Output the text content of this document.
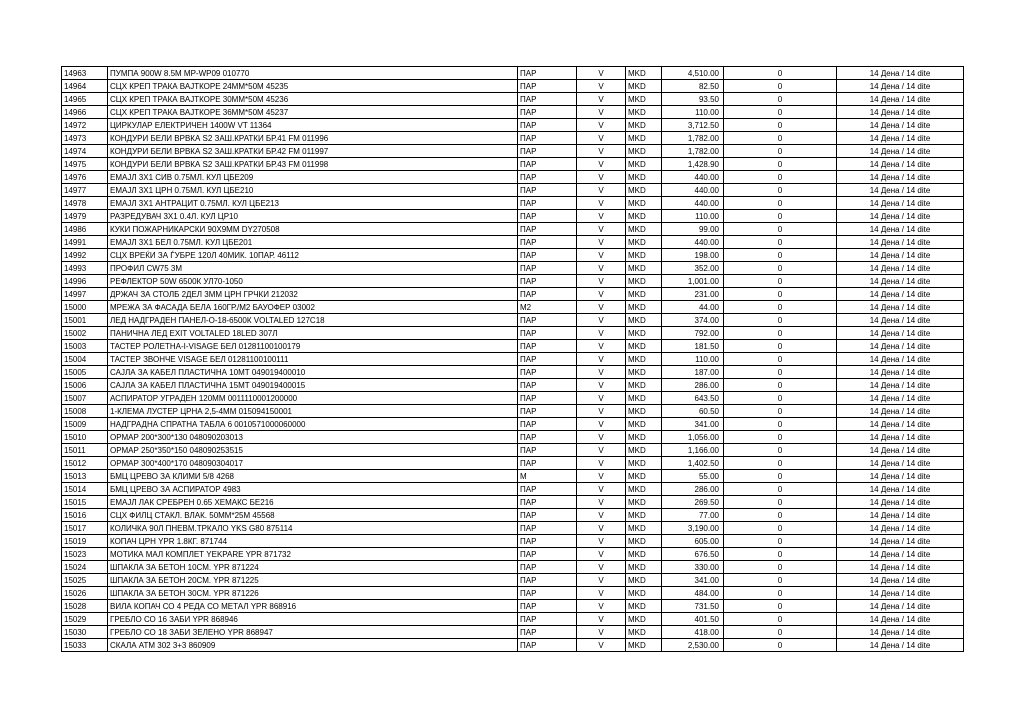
14963	ПУМПА 900W 8.5M MP-WP09 010770	ПАР	V	MKD	4,510.00	0	14 Дена / 14 dite
14964	СЦХ КРЕП ТРАКА ВАЈТКОРЕ 24ММ*50М 45235	ПАР	V	MKD	82.50	0	14 Дена / 14 dite
14965	СЦХ КРЕП ТРАКА ВАЈТКОРЕ 30ММ*50М 45236	ПАР	V	MKD	93.50	0	14 Дена / 14 dite
14966	СЦХ КРЕП ТРАКА ВАЈТКОРЕ 36ММ*50М 45237	ПАР	V	MKD	110.00	0	14 Дена / 14 dite
14972	ЦИРКУЛАР ЕЛЕКТРИЧЕН 1400W VT 11364	ПАР	V	MKD	3,712.50	0	14 Дена / 14 dite
14973	КОНДУРИ БЕЛИ ВРВКА S2 ЗАШ.КРАТКИ БР.41 FM 011996	ПАР	V	MKD	1,782.00	0	14 Дена / 14 dite
14974	КОНДУРИ БЕЛИ ВРВКА S2 ЗАШ.КРАТКИ БР.42 FM 011997	ПАР	V	MKD	1,782.00	0	14 Дена / 14 dite
14975	КОНДУРИ БЕЛИ ВРВКА S2 ЗАШ.КРАТКИ БР.43 FM 011998	ПАР	V	MKD	1,428.90	0	14 Дена / 14 dite
14976	ЕМАЈЛ 3Х1 СИВ 0.75МЛ. КУЛ ЦБЕ209	ПАР	V	MKD	440.00	0	14 Дена / 14 dite
14977	ЕМАЈЛ 3Х1 ЦРН 0.75МЛ. КУЛ ЦБЕ210	ПАР	V	MKD	440.00	0	14 Дена / 14 dite
14978	ЕМАЈЛ 3Х1 АНТРАЦИТ 0.75МЛ. КУЛ ЦБЕ213	ПАР	V	MKD	440.00	0	14 Дена / 14 dite
14979	РАЗРЕДУВАЧ 3Х1 0.4Л. КУЛ ЦР10	ПАР	V	MKD	110.00	0	14 Дена / 14 dite
14986	КУКИ ПОЖАРНИКАРСКИ 90Х9ММ DY270508	ПАР	V	MKD	99.00	0	14 Дена / 14 dite
14991	ЕМАЈЛ 3Х1 БЕЛ 0.75МЛ. КУЛ ЦБЕ201	ПАР	V	MKD	440.00	0	14 Дена / 14 dite
14992	СЦХ ВРЕЌИ ЗА ЃУБРЕ 120Л 40МИК. 10ПАР. 46112	ПАР	V	MKD	198.00	0	14 Дена / 14 dite
14993	ПРОФИЛ CW75 3М	ПАР	V	MKD	352.00	0	14 Дена / 14 dite
14996	РЕФЛЕКТОР 50W 6500К УЛ70-1050	ПАР	V	MKD	1,001.00	0	14 Дена / 14 dite
14997	ДРЖАЧ ЗА СТОЛБ 2ДЕЛ 3ММ ЦРН ГРЧКИ 212032	ПАР	V	MKD	231.00	0	14 Дена / 14 dite
15000	МРЕЖА ЗА ФАСАДА БЕЛА 160ГР./М2 БАУОФЕР 03002	М2	V	MKD	44.00	0	14 Дена / 14 dite
15001	ЛЕД НАДГРАДЕН ПАНЕЛ-О-18-6500К VOLTALED 127C18	ПАР	V	MKD	374.00	0	14 Дена / 14 dite
15002	ПАНИЧНА ЛЕД EXIT VOLTALED 18LED 307Л	ПАР	V	MKD	792.00	0	14 Дена / 14 dite
15003	ТАСТЕР РОЛЕТНА-I-VISAGE БЕЛ 01281100100179	ПАР	V	MKD	181.50	0	14 Дена / 14 dite
15004	ТАСТЕР ЗВОНЧЕ VISAGE БЕЛ 01281100100111	ПАР	V	MKD	110.00	0	14 Дена / 14 dite
15005	САЈЛА ЗА КАБЕЛ ПЛАСТИЧНА 10МТ 049019400010	ПАР	V	MKD	187.00	0	14 Дена / 14 dite
15006	САЈЛА ЗА КАБЕЛ ПЛАСТИЧНА 15МТ 049019400015	ПАР	V	MKD	286.00	0	14 Дена / 14 dite
15007	АСПИРАТОР УГРАДЕН 120ММ 0011110001200000	ПАР	V	MKD	643.50	0	14 Дена / 14 dite
15008	1-КЛЕМА ЛУСТЕР ЦРНА 2,5-4ММ 015094150001	ПАР	V	MKD	60.50	0	14 Дена / 14 dite
15009	НАДГРАДНА СПРАТНА ТАБЛА 6 0010571000060000	ПАР	V	MKD	341.00	0	14 Дена / 14 dite
15010	ОРМАР 200*300*130 048090203013	ПАР	V	MKD	1,056.00	0	14 Дена / 14 dite
15011	ОРМАР 250*350*150 048090253515	ПАР	V	MKD	1,166.00	0	14 Дена / 14 dite
15012	ОРМАР 300*400*170 048090304017	ПАР	V	MKD	1,402.50	0	14 Дена / 14 dite
15013	БМЦ ЦРЕВО ЗА КЛИМИ 5/8 4268	М	V	MKD	55.00	0	14 Дена / 14 dite
15014	БМЦ ЦРЕВО ЗА АСПИРАТОР 4983	ПАР	V	MKD	286.00	0	14 Дена / 14 dite
15015	ЕМАЈЛ ЛАК СРЕБРЕН 0.65 ХЕМАКС БЕ216	ПАР	V	MKD	269.50	0	14 Дена / 14 dite
15016	СЦХ ФИЛЦ СТАКЛ. ВЛАК. 50ММ*25М 45568	ПАР	V	MKD	77.00	0	14 Дена / 14 dite
15017	КОЛИЧКА 90Л ПНЕВМ.ТРКАЛО YKS G80 875114	ПАР	V	MKD	3,190.00	0	14 Дена / 14 dite
15019	КОПАЧ ЦРН YPR 1.8КГ. 871744	ПАР	V	MKD	605.00	0	14 Дена / 14 dite
15023	МОТИКА МАЛ КОМПЛЕТ YEKPARE YPR 871732	ПАР	V	MKD	676.50	0	14 Дена / 14 dite
15024	ШПАКЛА ЗА БЕТОН 10СМ. YPR 871224	ПАР	V	MKD	330.00	0	14 Дена / 14 dite
15025	ШПАКЛА ЗА БЕТОН 20СМ. YPR 871225	ПАР	V	MKD	341.00	0	14 Дена / 14 dite
15026	ШПАКЛА ЗА БЕТОН 30СМ. YPR 871226	ПАР	V	MKD	484.00	0	14 Дена / 14 dite
15028	ВИЛА КОПАЧ СО 4 РЕДА СО МЕТАЛ YPR 868916	ПАР	V	MKD	731.50	0	14 Дена / 14 dite
15029	ГРЕБЛО СО 16 ЗАБИ YPR 868946	ПАР	V	MKD	401.50	0	14 Дена / 14 dite
15030	ГРЕБЛО СО 18 ЗАБИ ЗЕЛЕНО YPR 868947	ПАР	V	MKD	418.00	0	14 Дена / 14 dite
15033	СКАЛА АТМ 302 3+3 860909	ПАР	V	MKD	2,530.00	0	14 Дена / 14 dite
